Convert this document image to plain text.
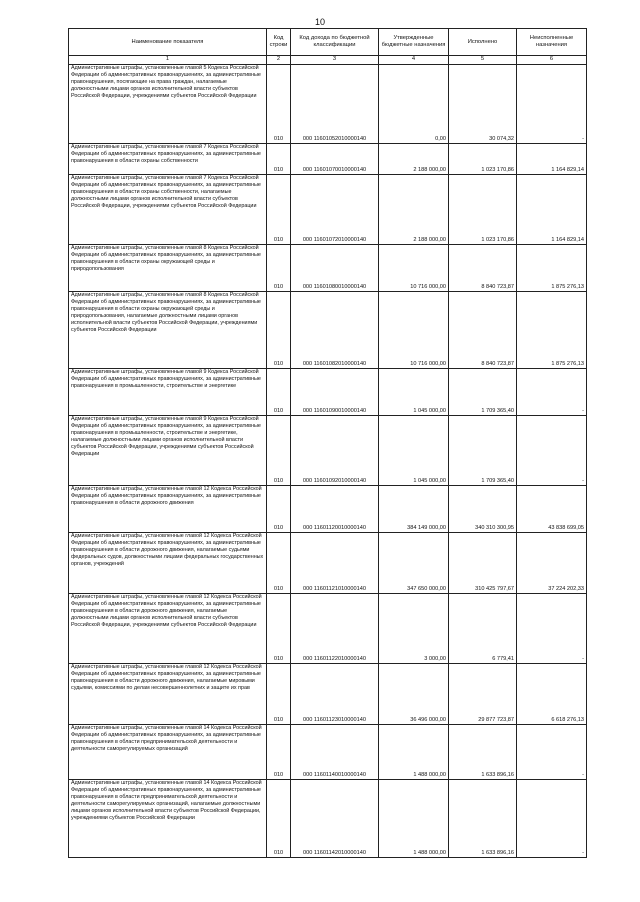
10
Наименование показателя	Код строки	Код дохода по бюджетной классификации	Утвержденные бюджетные назначения	Исполнено	Неисполненные назначения
1	2	3	4	5	6
Административные штрафы, установленные главой 5 Кодекса Российской Федерации об административных правонарушениях, за административные правонарушения, посягающие на права граждан, налагаемые должностными лицами органов исполнительной власти субъектов Российской Федерации, учреждениями субъектов Российской Федерации	010	000 11601052010000140	0,00	30 074,32	-
Административные штрафы, установленные главой 7 Кодекса Российской Федерации об административных правонарушениях, за административные правонарушения в области охраны собственности	010	000 11601070010000140	2 188 000,00	1 023 170,86	1 164 829,14
Административные штрафы, установленные главой 7 Кодекса Российской Федерации об административных правонарушениях, за административные правонарушения в области охраны собственности, налагаемые должностными лицами органов исполнительной власти субъектов Российской Федерации, учреждениями субъектов Российской Федерации	010	000 11601072010000140	2 188 000,00	1 023 170,86	1 164 829,14
Административные штрафы, установленные главой 8 Кодекса Российской Федерации об административных правонарушениях, за административные правонарушения в области охраны окружающей среды и природопользования	010	000 11601080010000140	10 716 000,00	8 840 723,87	1 875 276,13
Административные штрафы, установленные главой 8 Кодекса Российской Федерации об административных правонарушениях, за административные правонарушения в области охраны окружающей среды и природопользования, налагаемые должностными лицами органов исполнительной власти субъектов Российской Федерации, учреждениями субъектов Российской Федерации	010	000 11601082010000140	10 716 000,00	8 840 723,87	1 875 276,13
Административные штрафы, установленные главой 9 Кодекса Российской Федерации об административных правонарушениях, за административные правонарушения в промышленности, строительстве и энергетике	010	000 11601090010000140	1 045 000,00	1 709 365,40	-
Административные штрафы, установленные главой 9 Кодекса Российской Федерации об административных правонарушениях, за административные правонарушения в промышленности, строительстве и энергетике, налагаемые должностными лицами органов исполнительной власти субъектов Российской Федерации, учреждениями субъектов Российской Федерации	010	000 11601092010000140	1 045 000,00	1 709 365,40	-
Административные штрафы, установленные главой 12 Кодекса Российской Федерации об административных правонарушениях, за административные правонарушения в области дорожного движения	010	000 11601120010000140	384 149 000,00	340 310 300,95	43 838 699,05
Административные штрафы, установленные главой 12 Кодекса Российской Федерации об административных правонарушениях, за административные правонарушения в области дорожного движения, налагаемые судьями федеральных судов, должностными лицами федеральных государственных органов, учреждений	010	000 11601121010000140	347 650 000,00	310 425 797,67	37 224 202,33
Административные штрафы, установленные главой 12 Кодекса Российской Федерации об административных правонарушениях, за административные правонарушения в области дорожного движения, налагаемые должностными лицами органов исполнительной власти субъектов Российской Федерации, учреждениями субъектов Российской Федерации	010	000 11601122010000140	3 000,00	6 779,41	-
Административные штрафы, установленные главой 12 Кодекса Российской Федерации об административных правонарушениях, за административные правонарушения в области дорожного движения, налагаемые мировыми судьями, комиссиями по делам несовершеннолетних и защите их прав	010	000 11601123010000140	36 496 000,00	29 877 723,87	6 618 276,13
Административные штрафы, установленные главой 14 Кодекса Российской Федерации об административных правонарушениях, за административные правонарушения в области предпринимательской деятельности и деятельности саморегулируемых организаций	010	000 11601140010000140	1 488 000,00	1 633 896,16	-
Административные штрафы, установленные главой 14 Кодекса Российской Федерации об административных правонарушениях, за административные правонарушения в области предпринимательской деятельности и деятельности саморегулируемых организаций, налагаемые должностными лицами органов исполнительной власти субъектов Российской Федерации, учреждениями субъектов Российской Федерации	010	000 11601142010000140	1 488 000,00	1 633 896,16	-
